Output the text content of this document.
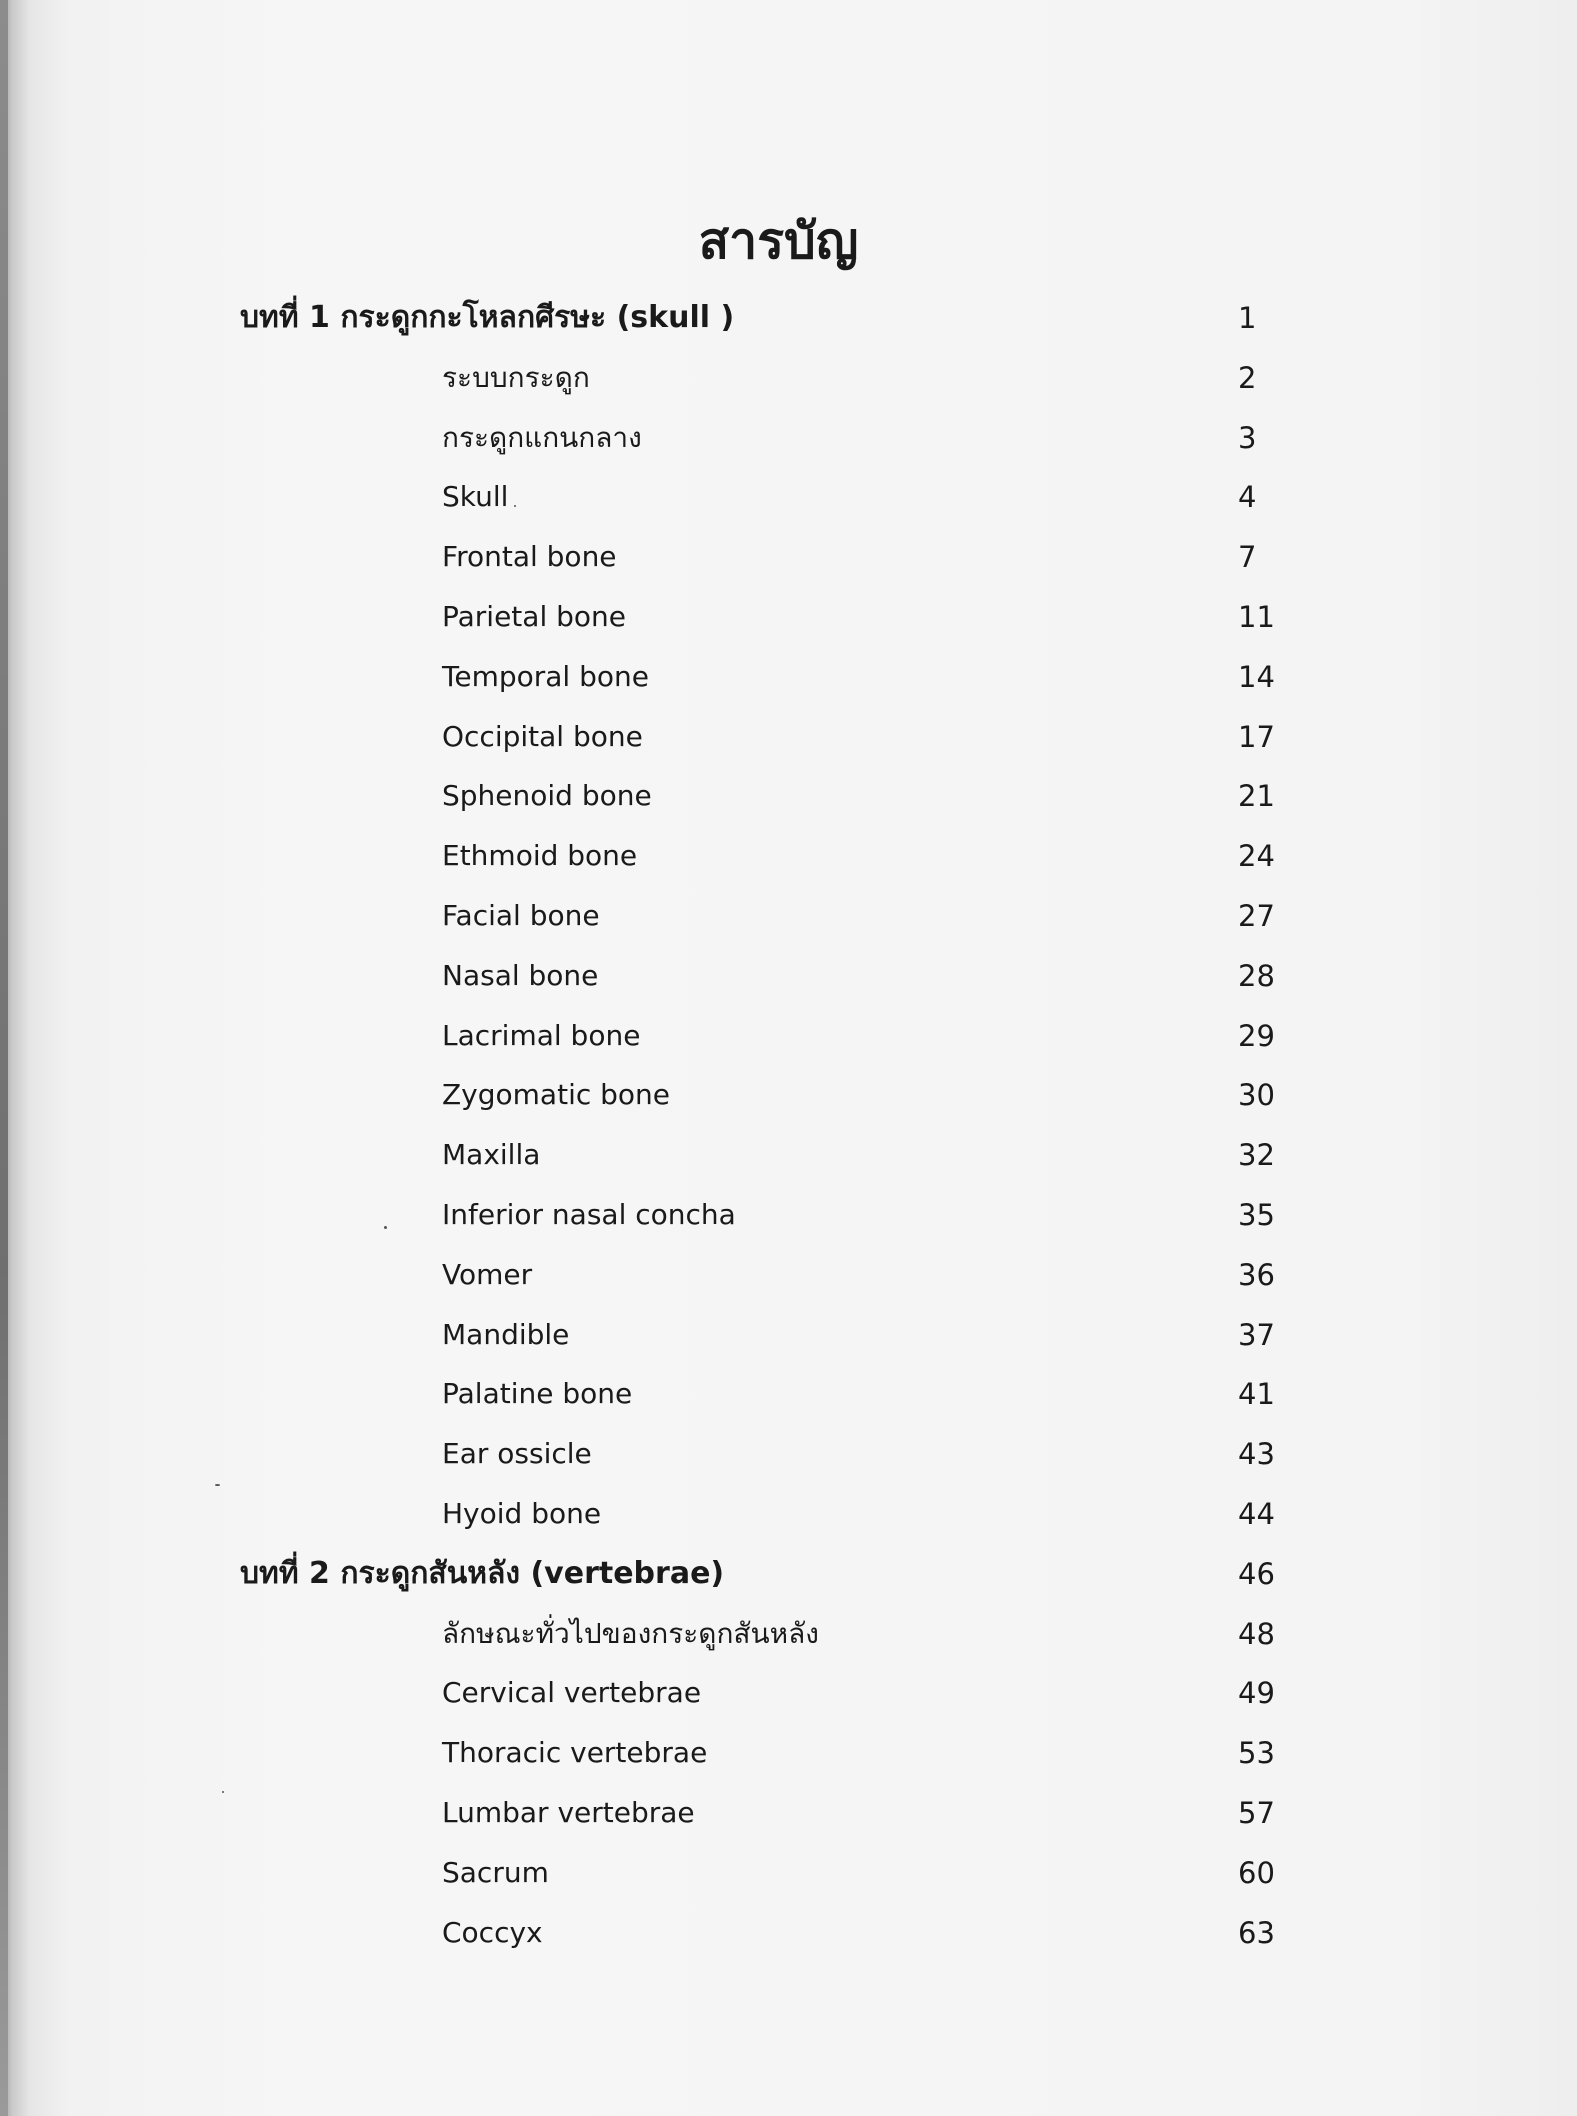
สารบัญ
บทที่ 1 กระดูกกะโหลกศีรษะ (skull )	1
ระบบกระดูก	2
กระดูกแกนกลาง	3
Skull	4
Frontal bone	7
Parietal bone	11
Temporal bone	14
Occipital bone	17
Sphenoid bone	21
Ethmoid bone	24
Facial bone	27
Nasal bone	28
Lacrimal bone	29
Zygomatic bone	30
Maxilla	32
Inferior nasal concha	35
Vomer	36
Mandible	37
Palatine bone	41
Ear ossicle	43
Hyoid bone	44
บทที่ 2 กระดูกสันหลัง (vertebrae)	46
ลักษณะทั่วไปของกระดูกสันหลัง	48
Cervical vertebrae	49
Thoracic vertebrae	53
Lumbar vertebrae	57
Sacrum	60
Coccyx	63
